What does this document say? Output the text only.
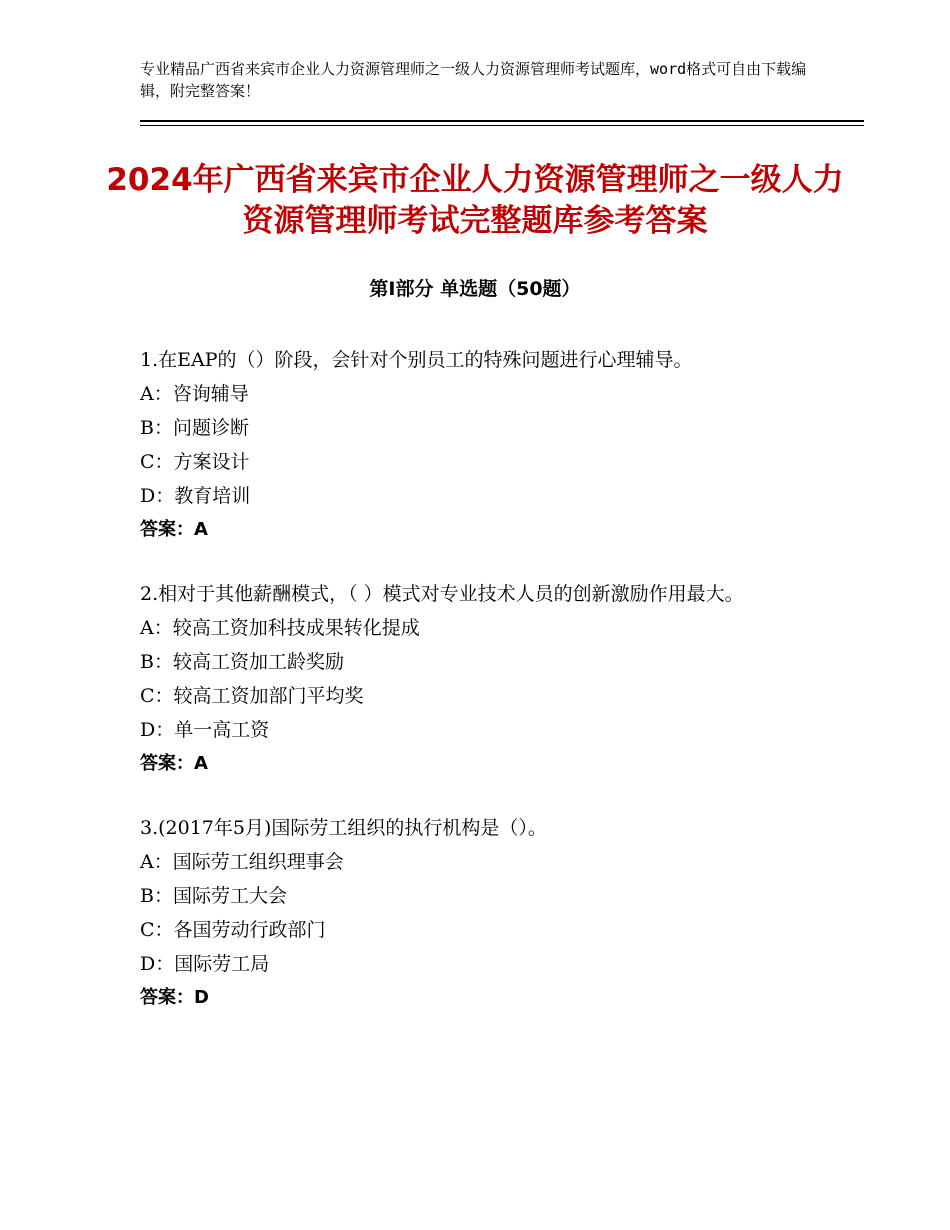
专业精品广西省来宾市企业人力资源管理师之一级人力资源管理师考试题库，word格式可自由下载编辑，附完整答案！
2024年广西省来宾市企业人力资源管理师之一级人力资源管理师考试完整题库参考答案
第Ⅰ部分 单选题（50题）
1.在EAP的（）阶段，会针对个别员工的特殊问题进行心理辅导。
A：咨询辅导
B：问题诊断
C：方案设计
D：教育培训
答案：A
2.相对于其他薪酬模式，（ ）模式对专业技术人员的创新激励作用最大。
A：较高工资加科技成果转化提成
B：较高工资加工龄奖励
C：较高工资加部门平均奖
D：单一高工资
答案：A
3.(2017年5月)国际劳工组织的执行机构是（）。
A：国际劳工组织理事会
B：国际劳工大会
C：各国劳动行政部门
D：国际劳工局
答案：D
